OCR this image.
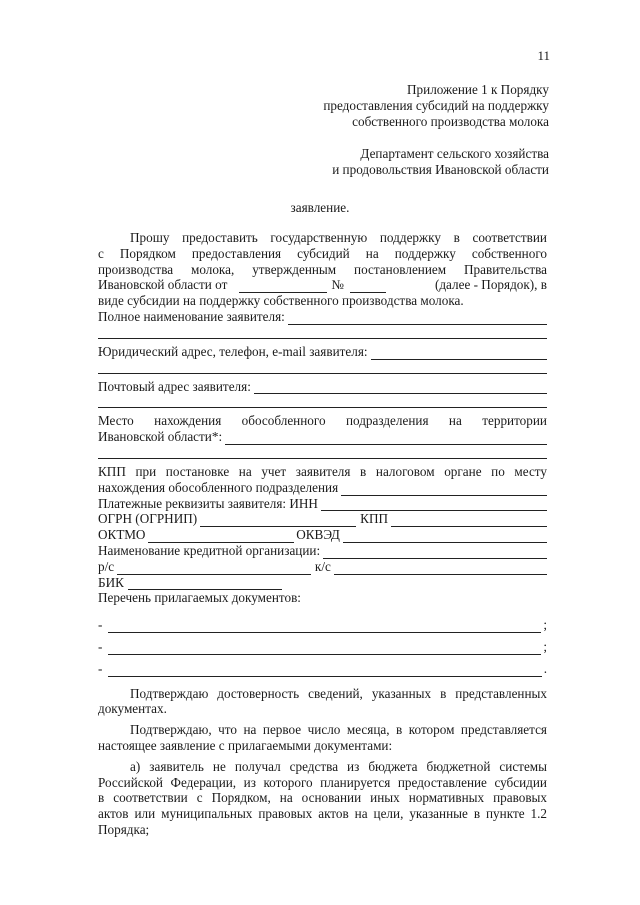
11
Приложение 1 к Порядку
предоставления субсидий на поддержку
собственного производства молока
Департамент сельского хозяйства
и продовольствия Ивановской области
заявление.

Прошу предоставить государственную поддержку в соответствии

с Порядком предоставления субсидий на поддержку собственного

производства молока, утвержденным постановлением Правительства

Ивановской области от	№	(далее - Порядок), в

виде субсидии на поддержку собственного производства молока.

Полное наименование заявителя:
Юридический адрес, телефон, e-mail заявителя:
Почтовый адрес заявителя:

Место нахождения обособленного подразделения на территории

Ивановской области*:

КПП при постановке на учет заявителя в налоговом органе по месту

нахождения обособленного подразделения
Платежные реквизиты заявителя: ИНН
ОГРН (ОГРНИП)	КПП
ОКТМО	ОКВЭД
Наименование кредитной организации:
р/с	к/с
БИК

Перечень прилагаемых документов:

-	;
-	;
-	.

Подтверждаю достоверность сведений, указанных в представленных

документах.

Подтверждаю, что на первое число месяца, в котором представляется

настоящее заявление с прилагаемыми документами:

а) заявитель не получал средства из бюджета бюджетной системы

Российской Федерации, из которого планируется предоставление субсидии

в соответствии с Порядком, на основании иных нормативных правовых

актов или муниципальных правовых актов на цели, указанные в пункте 1.2

Порядка;
